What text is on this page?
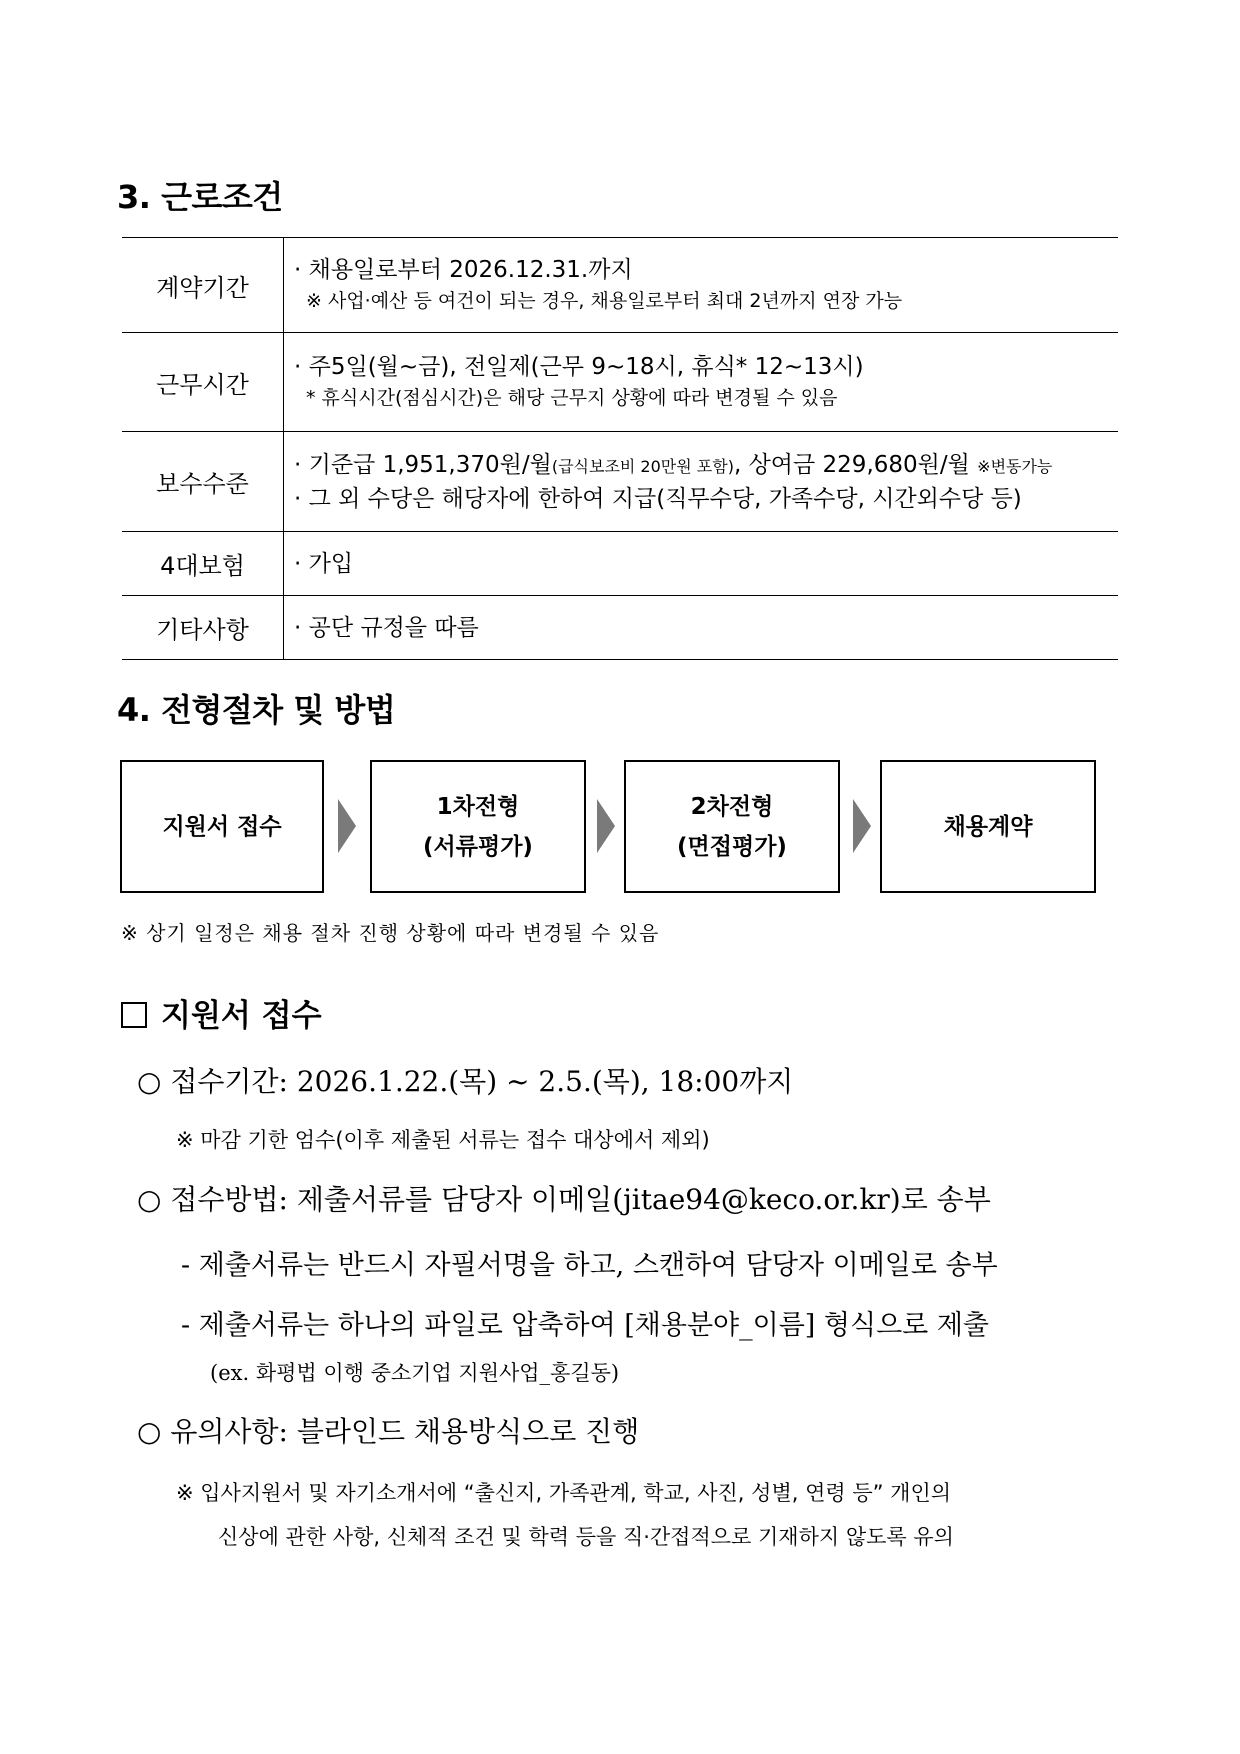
3. 근로조건
계약기간	· 채용일로부터 2026.12.31.까지
※ 사업·예산 등 여건이 되는 경우, 채용일로부터 최대 2년까지 연장 가능

근무시간	· 주5일(월~금), 전일제(근무 9~18시, 휴식* 12~13시)
* 휴식시간(점심시간)은 해당 근무지 상황에 따라 변경될 수 있음

보수수준	· 기준급 1,951,370원/월(급식보조비 20만원 포함), 상여금 229,680원/월 ※변동가능
· 그 외 수당은 해당자에 한하여 지급(직무수당, 가족수당, 시간외수당 등)

4대보험	· 가입

기타사항	· 공단 규정을 따름
4. 전형절차 및 방법
지원서 접수
1차전형
(서류평가)
2차전형
(면접평가)
채용계약
※ 상기 일정은 채용 절차 진행 상황에 따라 변경될 수 있음
지원서 접수
○ 접수기간: 2026.1.22.(목) ~ 2.5.(목), 18:00까지
※ 마감 기한 엄수(이후 제출된 서류는 접수 대상에서 제외)
○ 접수방법: 제출서류를 담당자 이메일(jitae94@keco.or.kr)로 송부
- 제출서류는 반드시 자필서명을 하고, 스캔하여 담당자 이메일로 송부
- 제출서류는 하나의 파일로 압축하여 [채용분야_이름] 형식으로 제출
(ex. 화평법 이행 중소기업 지원사업_홍길동)
○ 유의사항: 블라인드 채용방식으로 진행
※ 입사지원서 및 자기소개서에 “출신지, 가족관계, 학교, 사진, 성별, 연령 등” 개인의
신상에 관한 사항, 신체적 조건 및 학력 등을 직·간접적으로 기재하지 않도록 유의
